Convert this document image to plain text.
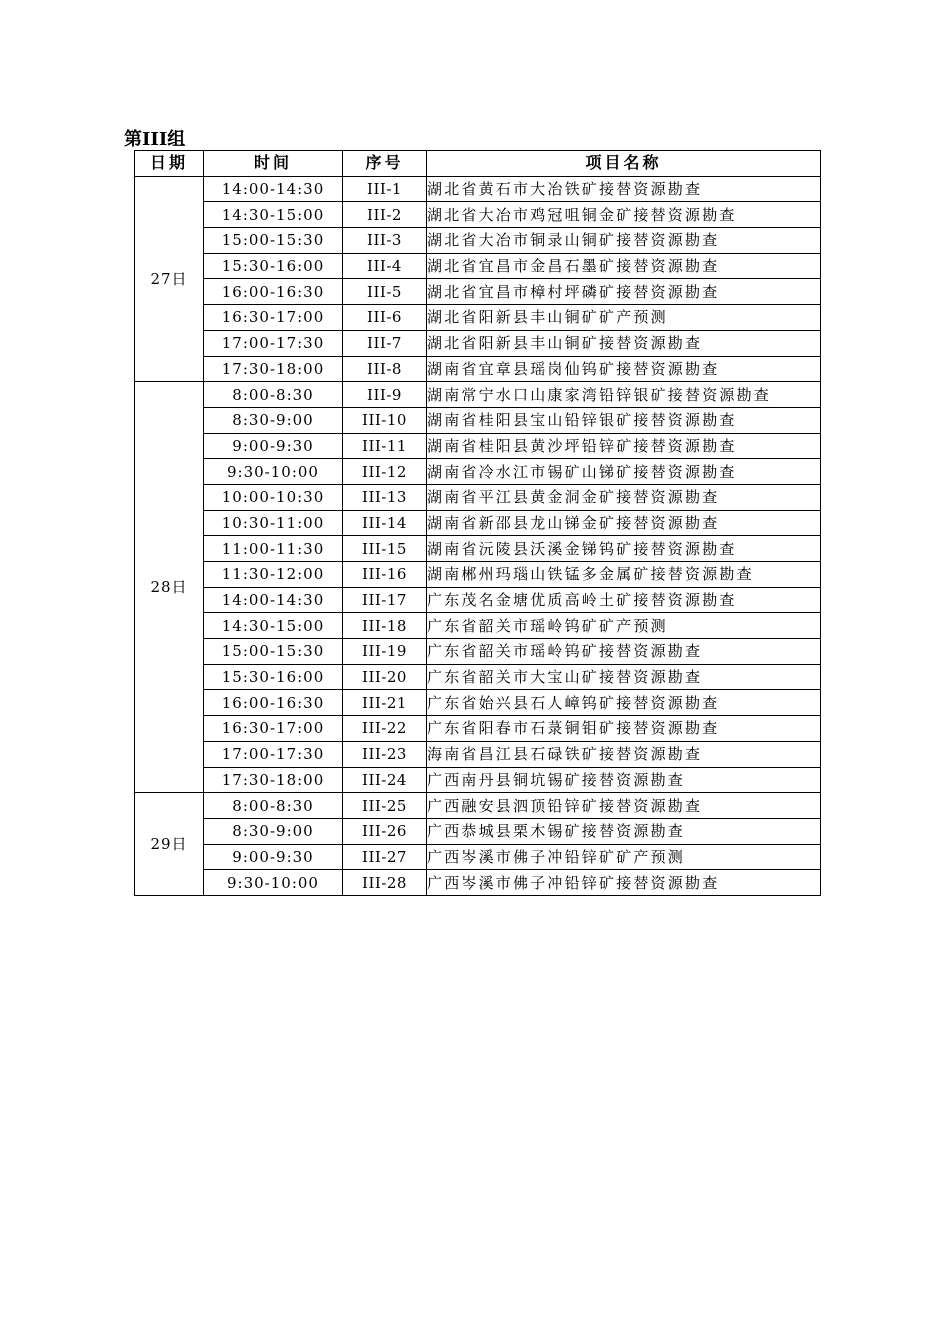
第III组
日期	时间	序号	项目名称
27日	14:00-14:30	III-1	湖北省黄石市大冶铁矿接替资源勘查
	14:30-15:00	III-2	湖北省大冶市鸡冠咀铜金矿接替资源勘查
	15:00-15:30	III-3	湖北省大冶市铜录山铜矿接替资源勘查
	15:30-16:00	III-4	湖北省宜昌市金昌石墨矿接替资源勘查
	16:00-16:30	III-5	湖北省宜昌市樟村坪磷矿接替资源勘查
	16:30-17:00	III-6	湖北省阳新县丰山铜矿矿产预测
	17:00-17:30	III-7	湖北省阳新县丰山铜矿接替资源勘查
	17:30-18:00	III-8	湖南省宜章县瑶岗仙钨矿接替资源勘查
28日	8:00-8:30	III-9	湖南常宁水口山康家湾铅锌银矿接替资源勘查
	8:30-9:00	III-10	湖南省桂阳县宝山铅锌银矿接替资源勘查
	9:00-9:30	III-11	湖南省桂阳县黄沙坪铅锌矿接替资源勘查
	9:30-10:00	III-12	湖南省冷水江市锡矿山锑矿接替资源勘查
	10:00-10:30	III-13	湖南省平江县黄金洞金矿接替资源勘查
	10:30-11:00	III-14	湖南省新邵县龙山锑金矿接替资源勘查
	11:00-11:30	III-15	湖南省沅陵县沃溪金锑钨矿接替资源勘查
	11:30-12:00	III-16	湖南郴州玛瑙山铁锰多金属矿接替资源勘查
	14:00-14:30	III-17	广东茂名金塘优质高岭土矿接替资源勘查
	14:30-15:00	III-18	广东省韶关市瑶岭钨矿矿产预测
	15:00-15:30	III-19	广东省韶关市瑶岭钨矿接替资源勘查
	15:30-16:00	III-20	广东省韶关市大宝山矿接替资源勘查
	16:00-16:30	III-21	广东省始兴县石人嶂钨矿接替资源勘查
	16:30-17:00	III-22	广东省阳春市石菉铜钼矿接替资源勘查
	17:00-17:30	III-23	海南省昌江县石碌铁矿接替资源勘查
	17:30-18:00	III-24	广西南丹县铜坑锡矿接替资源勘查
29日	8:00-8:30	III-25	广西融安县泗顶铅锌矿接替资源勘查
	8:30-9:00	III-26	广西恭城县栗木锡矿接替资源勘查
	9:00-9:30	III-27	广西岑溪市佛子冲铅锌矿矿产预测
	9:30-10:00	III-28	广西岑溪市佛子冲铅锌矿接替资源勘查
